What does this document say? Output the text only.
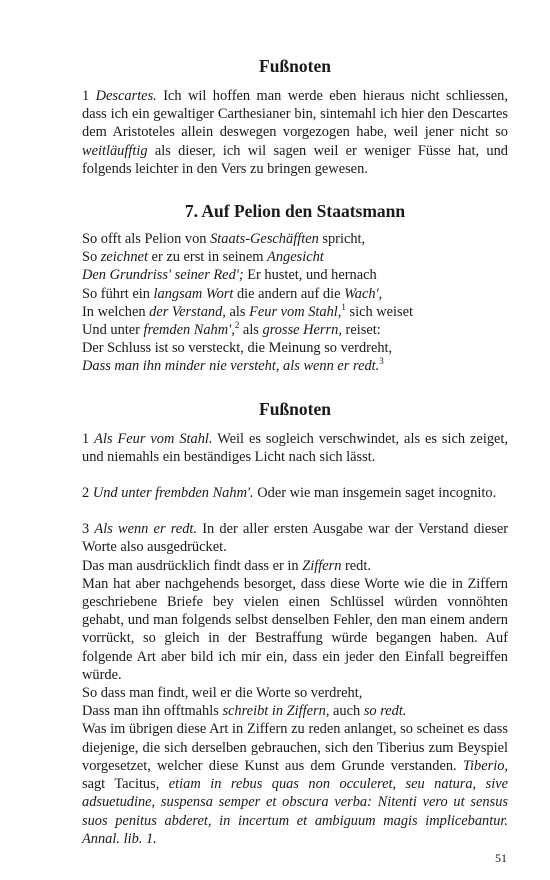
Fußnoten

1 Descartes. Ich wil hoffen man werde eben hieraus nicht schliessen, dass ich ein gewaltiger Carthesianer bin, sintemahl ich hier den Descartes dem Aristoteles allein deswegen vorgezogen habe, weil jener nicht so weitläufftig als dieser, ich wil sagen weil er weniger Füsse hat, und folgends leichter in den Vers zu bringen gewesen.

7. Auf Pelion den Staatsmann

So offt als Pelion von Staats-Geschäfften spricht,

So zeichnet er zu erst in seinem Angesicht

Den Grundriss' seiner Red'; Er hustet, und hernach

So führt ein langsam Wort die andern auf die Wach',

In welchen der Verstand, als Feur vom Stahl,$^1$ sich weiset

Und unter fremden Nahm',$^2$ als grosse Herrn, reiset:

Der Schluss ist so versteckt, die Meinung so verdreht,

Dass man ihn minder nie versteht, als wenn er redt.$^3$

Fußnoten

1 Als Feur vom Stahl. Weil es sogleich verschwindet, als es sich zeiget, und niemahls ein beständiges Licht nach sich lässt.

2 Und unter frembden Nahm'. Oder wie man insgemein saget incognito.

3 Als wenn er redt. In der aller ersten Ausgabe war der Verstand dieser Worte also ausgedrücket.

Das man ausdrücklich findt dass er in Ziffern redt.

Man hat aber nachgehends besorget, dass diese Worte wie die in Ziffern geschriebene Briefe bey vielen einen Schlüssel würden vonnöhten gehabt, und man folgends selbst denselben Fehler, den man einem andern vorrückt, so gleich in der Bestraffung würde begangen haben. Auf folgende Art aber bild ich mir ein, dass ein jeder den Einfall begreiffen würde.

So dass man findt, weil er die Worte so verdreht,

Dass man ihn offtmahls schreibt in Ziffern, auch so redt.

Was im übrigen diese Art in Ziffern zu reden anlanget, so scheinet es dass diejenige, die sich derselben gebrauchen, sich den Tiberius zum Beyspiel vorgesetzet, welcher diese Kunst aus dem Grunde verstanden. Tiberio, sagt Tacitus, etiam in rebus quas non occuleret, seu natura, sive adsuetudine, suspensa semper et obscura verba: Nitenti vero ut sensus suos penitus abderet, in incertum et ambiguum magis implicebantur. Annal. lib. 1.

51
